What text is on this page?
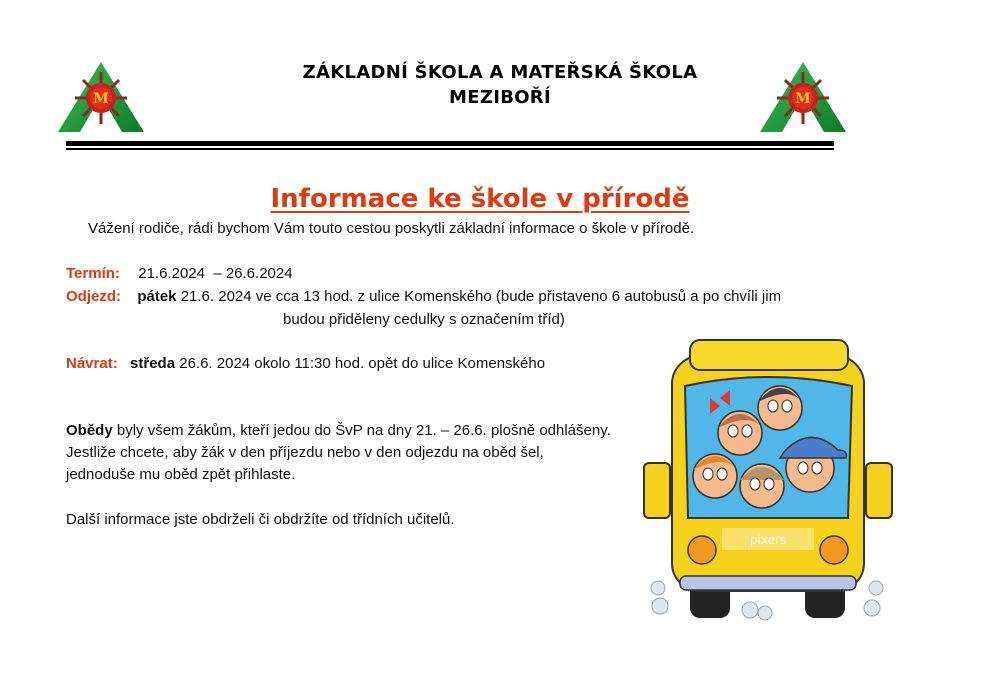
M	M
ZÁKLADNÍ ŠKOLA A MATEŘSKÁ ŠKOLA
MEZIBOŘÍ
Informace ke škole v přírodě
Vážení rodiče, rádi bychom Vám touto cestou poskytli základní informace o škole v přírodě.
Termín: 21.6.2024  – 26.6.2024
Odjezd: pátek 21.6. 2024 ve cca 13 hod. z ulice Komenského (bude přistaveno 6 autobusů a po chvíli jim
budou přiděleny cedulky s označením tříd)
Návrat: středa 26.6. 2024 okolo 11:30 hod. opět do ulice Komenského
Obědy byly všem žákům, kteří jedou do ŠvP na dny 21. – 26.6. plošně odhlášeny. Jestliže chcete, aby žák v den příjezdu nebo v den odjezdu na oběd šel, jednoduše mu oběd zpět přihlaste.
Další informace jste obdrželi či obdržíte od třídních učitelů.
pixers
